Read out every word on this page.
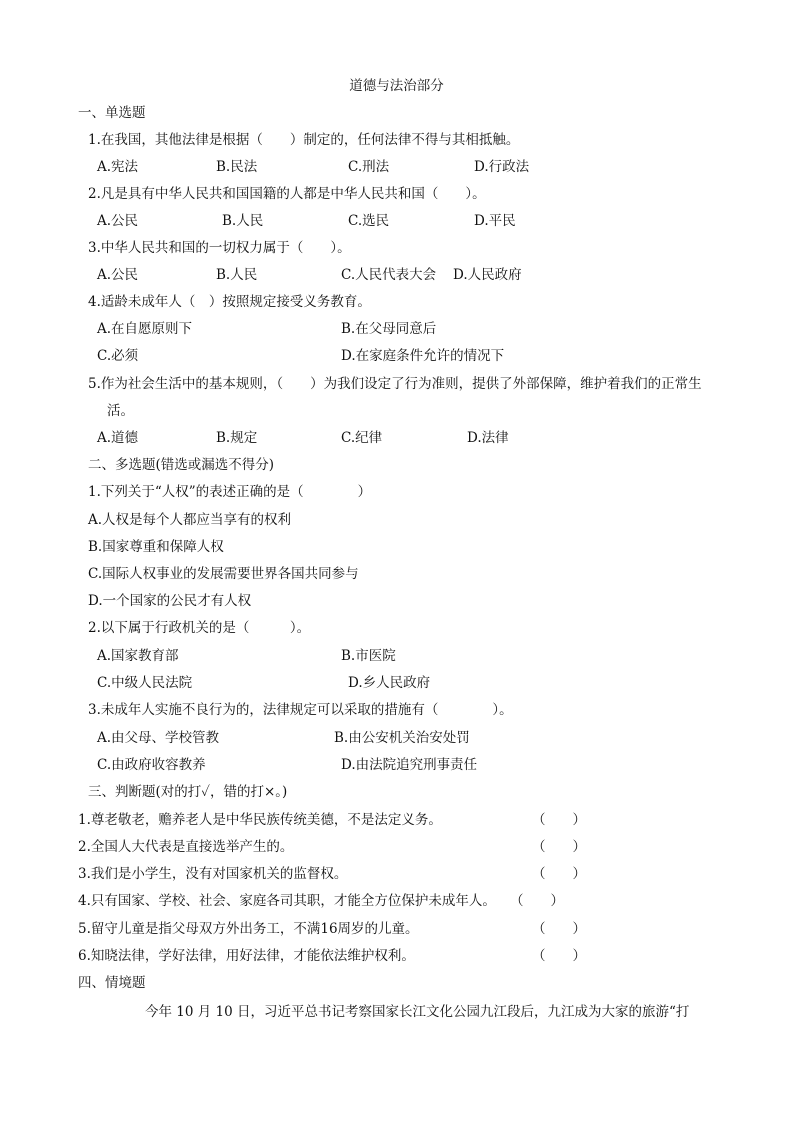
道德与法治部分
一、单选题
1.在我国，其他法律是根据（　　）制定的，任何法律不得与其相抵触。
A.宪法	B.民法	C.刑法	D.行政法
2.凡是具有中华人民共和国国籍的人都是中华人民共和国（　　）。
A.公民	B.人民	C.选民	D.平民
3.中华人民共和国的一切权力属于（　　）。
A.公民	B.人民	C.人民代表大会 D.人民政府
4.适龄未成年人（　）按照规定接受义务教育。
A.在自愿原则下	B.在父母同意后
C.必须	D.在家庭条件允许的情况下
5.作为社会生活中的基本规则，（　　）为我们设定了行为准则，提供了外部保障，维护着我们的正常生
活。
A.道德	B.规定	C.纪律	D.法律
二、多选题(错选或漏选不得分)
1.下列关于“人权”的表述正确的是（　　　　）
A.人权是每个人都应当享有的权利
B.国家尊重和保障人权
C.国际人权事业的发展需要世界各国共同参与
D.一个国家的公民才有人权
2.以下属于行政机关的是（　　　）。
A.国家教育部	B.市医院
C.中级人民法院	D.乡人民政府
3.未成年人实施不良行为的，法律规定可以采取的措施有（　　　　）。
A.由父母、学校管教	B.由公安机关治安处罚
C.由政府收容教养	D.由法院追究刑事责任
三、判断题(对的打✓，错的打×。)
1.尊老敬老，赡养老人是中华民族传统美德，不是法定义务。	（　　）
2.全国人大代表是直接选举产生的。	（　　）
3.我们是小学生，没有对国家机关的监督权。	（　　）
4.只有国家、学校、社会、家庭各司其职，才能全方位保护未成年人。 （　　）
5.留守儿童是指父母双方外出务工，不满16周岁的儿童。	（　　）
6.知晓法律，学好法律，用好法律，才能依法维护权利。	（　　）
四、情境题
今年 10 月 10 日，习近平总书记考察国家长江文化公园九江段后，九江成为大家的旅游“打
